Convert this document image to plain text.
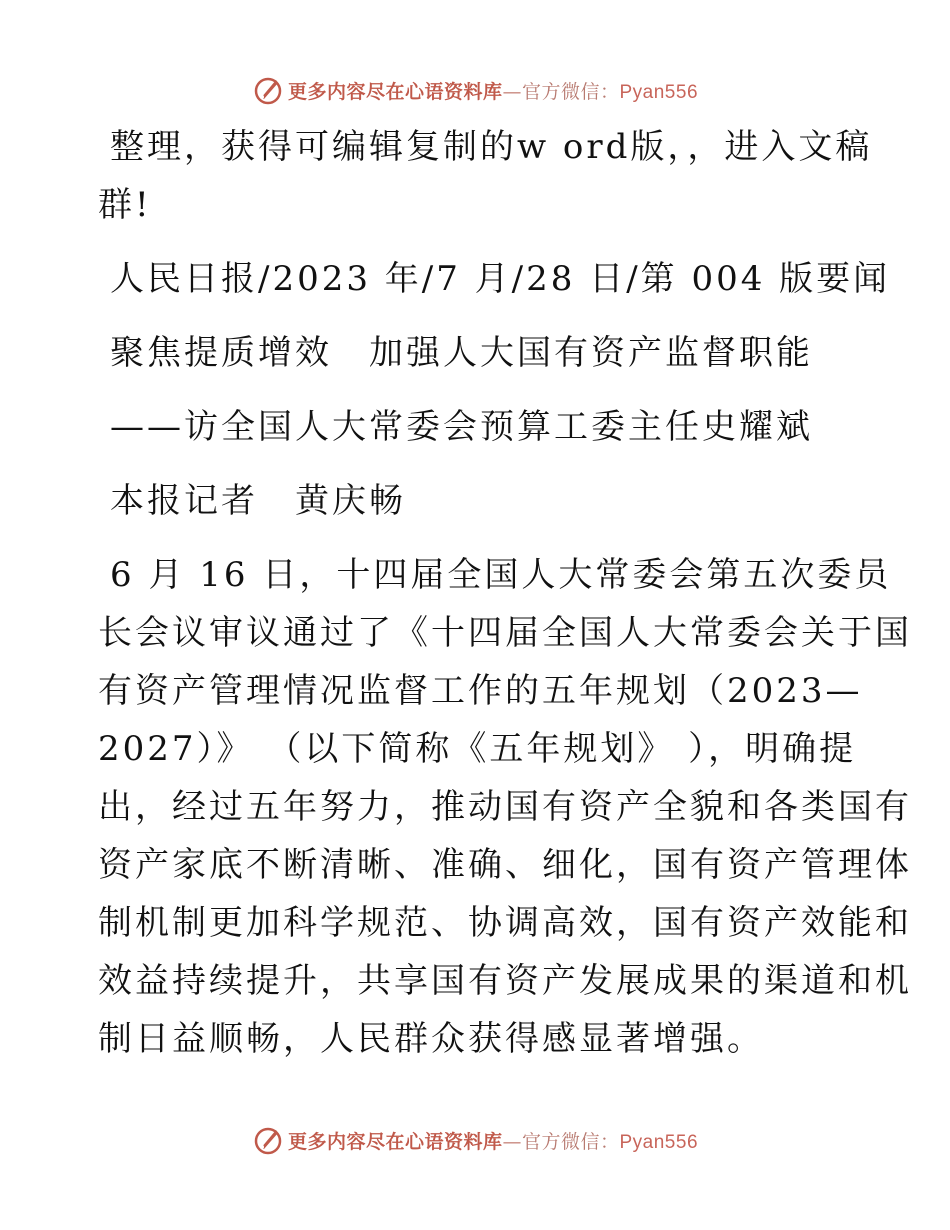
更多内容尽在心语资料库—官方微信：Pyan556
整理，获得可编辑复制的w ord版，，进入文稿
群!
人民日报/2023 年/7 月/28 日/第 004 版要闻
聚焦提质增效　加强人大国有资产监督职能
——访全国人大常委会预算工委主任史耀斌
本报记者　黄庆畅
6 月 16 日，十四届全国人大常委会第五次委员
长会议审议通过了《十四届全国人大常委会关于国
有资产管理情况监督工作的五年规划（2023—
2027）》 （以下简称《五年规划》 ），明确提
出，经过五年努力，推动国有资产全貌和各类国有
资产家底不断清晰、准确、细化，国有资产管理体
制机制更加科学规范、协调高效，国有资产效能和
效益持续提升，共享国有资产发展成果的渠道和机
制日益顺畅，人民群众获得感显著增强。
更多内容尽在心语资料库—官方微信：Pyan556
